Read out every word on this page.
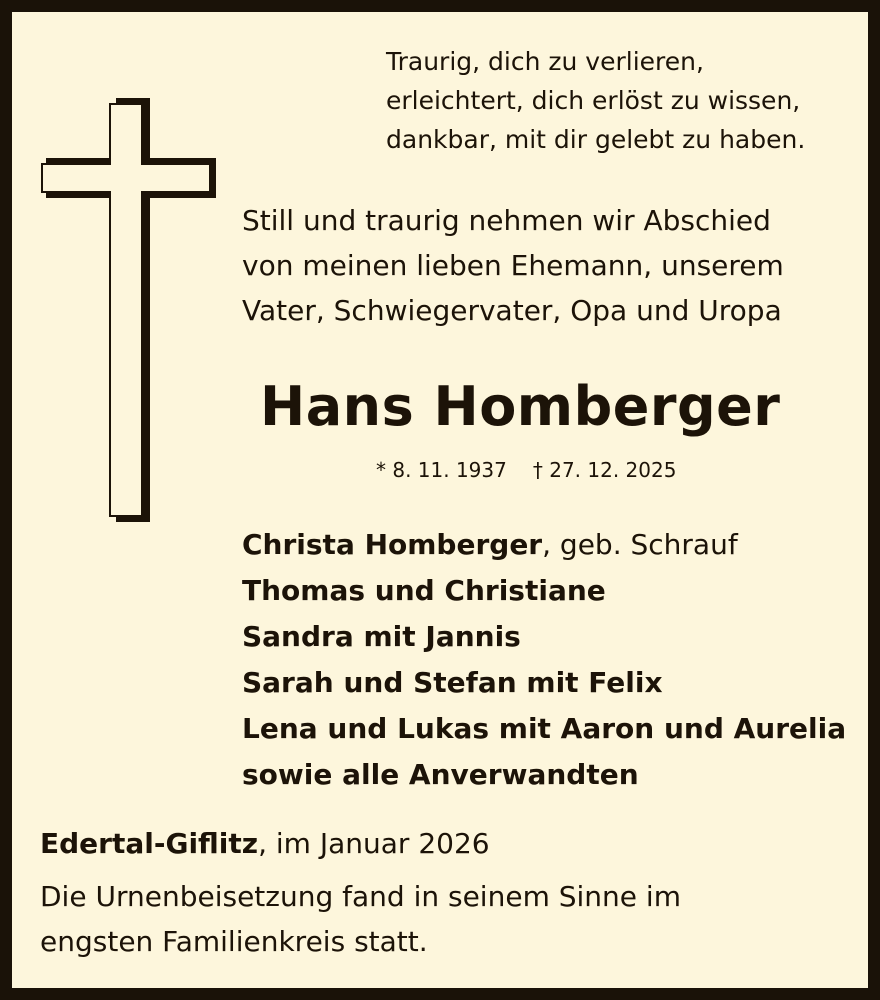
Traurig, dich zu verlieren,
erleichtert, dich erlöst zu wissen,
dankbar, mit dir gelebt zu haben.
Still und traurig nehmen wir Abschied
von meinen lieben Ehemann, unserem
Vater, Schwiegervater, Opa und Uropa
Hans Homberger
* 8. 11. 1937 † 27. 12. 2025
Christa Homberger, geb. Schrauf
Thomas und Christiane
Sandra mit Jannis
Sarah und Stefan mit Felix
Lena und Lukas mit Aaron und Aurelia
sowie alle Anverwandten
Edertal-Giflitz, im Januar 2026
Die Urnenbeisetzung fand in seinem Sinne im
engsten Familienkreis statt.
